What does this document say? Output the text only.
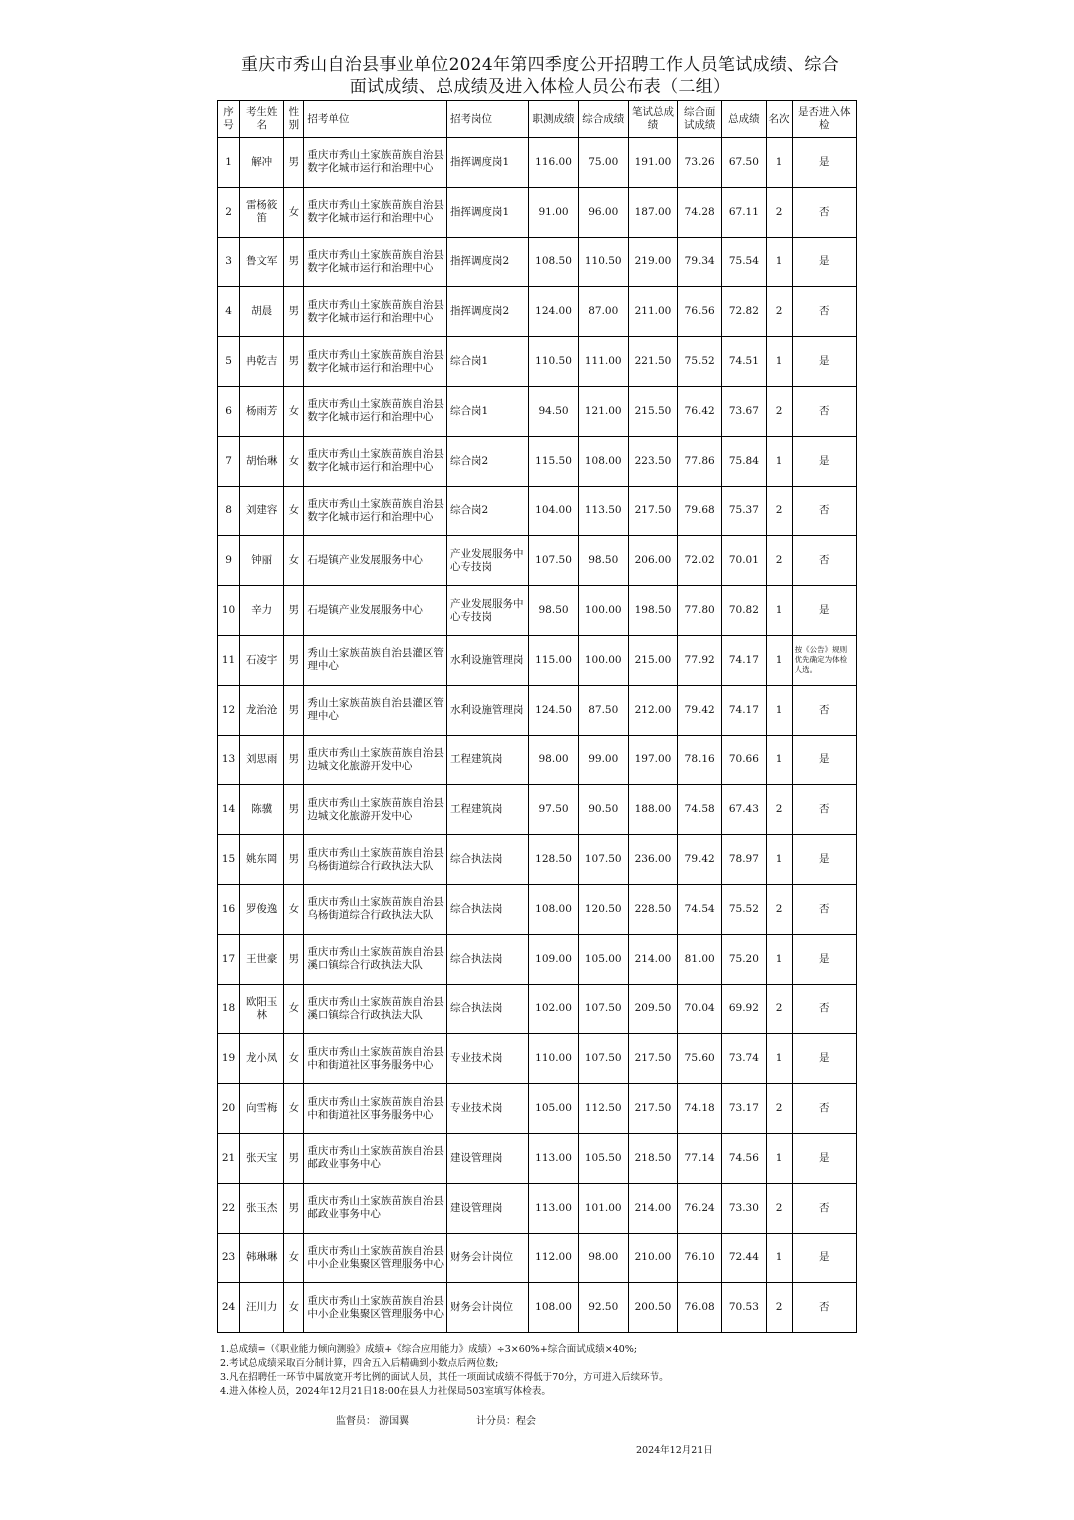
重庆市秀山自治县事业单位2024年第四季度公开招聘工作人员笔试成绩、综合
面试成绩、总成绩及进入体检人员公布表（二组）
序号	考生姓名	性别	招考单位	招考岗位	职测成绩	综合成绩	笔试总成绩	综合面试成绩	总成绩	名次	是否进入体检
1	解冲	男	重庆市秀山土家族苗族自治县数字化城市运行和治理中心	指挥调度岗1	116.00	75.00	191.00	73.26	67.50	1	是
2	雷杨筱笛	女	重庆市秀山土家族苗族自治县数字化城市运行和治理中心	指挥调度岗1	91.00	96.00	187.00	74.28	67.11	2	否
3	鲁文军	男	重庆市秀山土家族苗族自治县数字化城市运行和治理中心	指挥调度岗2	108.50	110.50	219.00	79.34	75.54	1	是
4	胡晨	男	重庆市秀山土家族苗族自治县数字化城市运行和治理中心	指挥调度岗2	124.00	87.00	211.00	76.56	72.82	2	否
5	冉乾吉	男	重庆市秀山土家族苗族自治县数字化城市运行和治理中心	综合岗1	110.50	111.00	221.50	75.52	74.51	1	是
6	杨雨芳	女	重庆市秀山土家族苗族自治县数字化城市运行和治理中心	综合岗1	94.50	121.00	215.50	76.42	73.67	2	否
7	胡怡琳	女	重庆市秀山土家族苗族自治县数字化城市运行和治理中心	综合岗2	115.50	108.00	223.50	77.86	75.84	1	是
8	刘建容	女	重庆市秀山土家族苗族自治县数字化城市运行和治理中心	综合岗2	104.00	113.50	217.50	79.68	75.37	2	否
9	钟丽	女	石堤镇产业发展服务中心	产业发展服务中心专技岗	107.50	98.50	206.00	72.02	70.01	2	否
10	辛力	男	石堤镇产业发展服务中心	产业发展服务中心专技岗	98.50	100.00	198.50	77.80	70.82	1	是
11	石凌宇	男	秀山土家族苗族自治县灌区管理中心	水利设施管理岗	115.00	100.00	215.00	77.92	74.17	1	按《公告》规则优先确定为体检人选。
12	龙治沧	男	秀山土家族苗族自治县灌区管理中心	水利设施管理岗	124.50	87.50	212.00	79.42	74.17	1	否
13	刘思雨	男	重庆市秀山土家族苗族自治县边城文化旅游开发中心	工程建筑岗	98.00	99.00	197.00	78.16	70.66	1	是
14	陈骥	男	重庆市秀山土家族苗族自治县边城文化旅游开发中心	工程建筑岗	97.50	90.50	188.00	74.58	67.43	2	否
15	姚东岡	男	重庆市秀山土家族苗族自治县乌杨街道综合行政执法大队	综合执法岗	128.50	107.50	236.00	79.42	78.97	1	是
16	罗俊逸	女	重庆市秀山土家族苗族自治县乌杨街道综合行政执法大队	综合执法岗	108.00	120.50	228.50	74.54	75.52	2	否
17	王世豪	男	重庆市秀山土家族苗族自治县溪口镇综合行政执法大队	综合执法岗	109.00	105.00	214.00	81.00	75.20	1	是
18	欧阳玉林	女	重庆市秀山土家族苗族自治县溪口镇综合行政执法大队	综合执法岗	102.00	107.50	209.50	70.04	69.92	2	否
19	龙小凤	女	重庆市秀山土家族苗族自治县中和街道社区事务服务中心	专业技术岗	110.00	107.50	217.50	75.60	73.74	1	是
20	向雪梅	女	重庆市秀山土家族苗族自治县中和街道社区事务服务中心	专业技术岗	105.00	112.50	217.50	74.18	73.17	2	否
21	张天宝	男	重庆市秀山土家族苗族自治县邮政业事务中心	建设管理岗	113.00	105.50	218.50	77.14	74.56	1	是
22	张玉杰	男	重庆市秀山土家族苗族自治县邮政业事务中心	建设管理岗	113.00	101.00	214.00	76.24	73.30	2	否
23	韩琳琳	女	重庆市秀山土家族苗族自治县中小企业集聚区管理服务中心	财务会计岗位	112.00	98.00	210.00	76.10	72.44	1	是
24	汪川力	女	重庆市秀山土家族苗族自治县中小企业集聚区管理服务中心	财务会计岗位	108.00	92.50	200.50	76.08	70.53	2	否
1.总成绩=（《职业能力倾向测验》成绩+《综合应用能力》成绩）÷3×60%+综合面试成绩×40%;
2.考试总成绩采取百分制计算，四舍五入后精确到小数点后两位数;
3.凡在招聘任一环节中属放宽开考比例的面试人员，其任一项面试成绩不得低于70分，方可进入后续环节。
4.进入体检人员，2024年12月21日18:00在县人力社保局503室填写体检表。
监督员： 游国翼	计分员：程会
2024年12月21日
